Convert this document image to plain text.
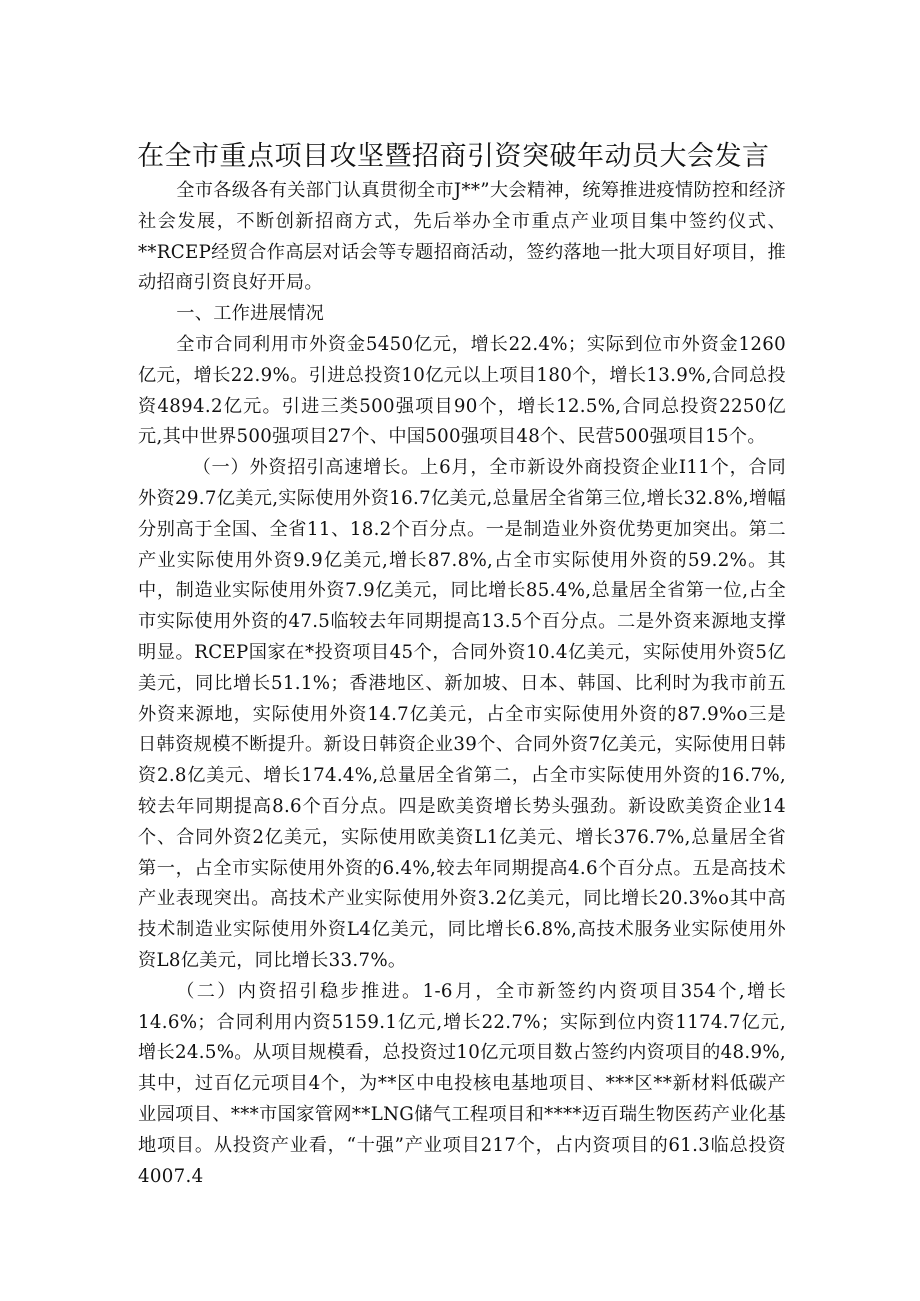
在全市重点项目攻坚暨招商引资突破年动员大会发言

全市各级各有关部门认真贯彻全市J**”大会精神，统筹推进疫情防控和经济社会发展，不断创新招商方式，先后举办全市重点产业项目集中签约仪式、**RCEP经贸合作高层对话会等专题招商活动，签约落地一批大项目好项目，推动招商引资良好开局。

一、工作进展情况

全市合同利用市外资金5450亿元，增长22.4%；实际到位市外资金1260亿元，增长22.9%。引进总投资10亿元以上项目180个，增长13.9%,合同总投资4894.2亿元。引进三类500强项目90个，增长12.5%,合同总投资2250亿元,其中世界500强项目27个、中国500强项目48个、民营500强项目15个。

（一）外资招引高速增长。上6月，全市新设外商投资企业I11个，合同外资29.7亿美元,实际使用外资16.7亿美元,总量居全省第三位,增长32.8%,增幅分别高于全国、全省11、18.2个百分点。一是制造业外资优势更加突出。第二产业实际使用外资9.9亿美元,增长87.8%,占全市实际使用外资的59.2%。其中，制造业实际使用外资7.9亿美元，同比增长85.4%,总量居全省第一位,占全市实际使用外资的47.5临较去年同期提高13.5个百分点。二是外资来源地支撑明显。RCEP国家在*投资项目45个，合同外资10.4亿美元，实际使用外资5亿美元，同比增长51.1%；香港地区、新加坡、日本、韩国、比利时为我市前五外资来源地，实际使用外资14.7亿美元，占全市实际使用外资的87.9%o三是日韩资规模不断提升。新设日韩资企业39个、合同外资7亿美元，实际使用日韩资2.8亿美元、增长174.4%,总量居全省第二，占全市实际使用外资的16.7%,较去年同期提高8.6个百分点。四是欧美资增长势头强劲。新设欧美资企业14个、合同外资2亿美元，实际使用欧美资L1亿美元、增长376.7%,总量居全省第一，占全市实际使用外资的6.4%,较去年同期提高4.6个百分点。五是高技术产业表现突出。高技术产业实际使用外资3.2亿美元，同比增长20.3%o其中高技术制造业实际使用外资L4亿美元，同比增长6.8%,高技术服务业实际使用外资L8亿美元，同比增长33.7%。

（二）内资招引稳步推进。1-6月，全市新签约内资项目354个,增长14.6%；合同利用内资5159.1亿元,增长22.7%；实际到位内资1174.7亿元,增长24.5%。从项目规模看，总投资过10亿元项目数占签约内资项目的48.9%,其中，过百亿元项目4个，为**区中电投核电基地项目、***区**新材料低碳产业园项目、***市国家管网**LNG储气工程项目和****迈百瑞生物医药产业化基地项目。从投资产业看，“十强”产业项目217个，占内资项目的61.3临总投资4007.4
